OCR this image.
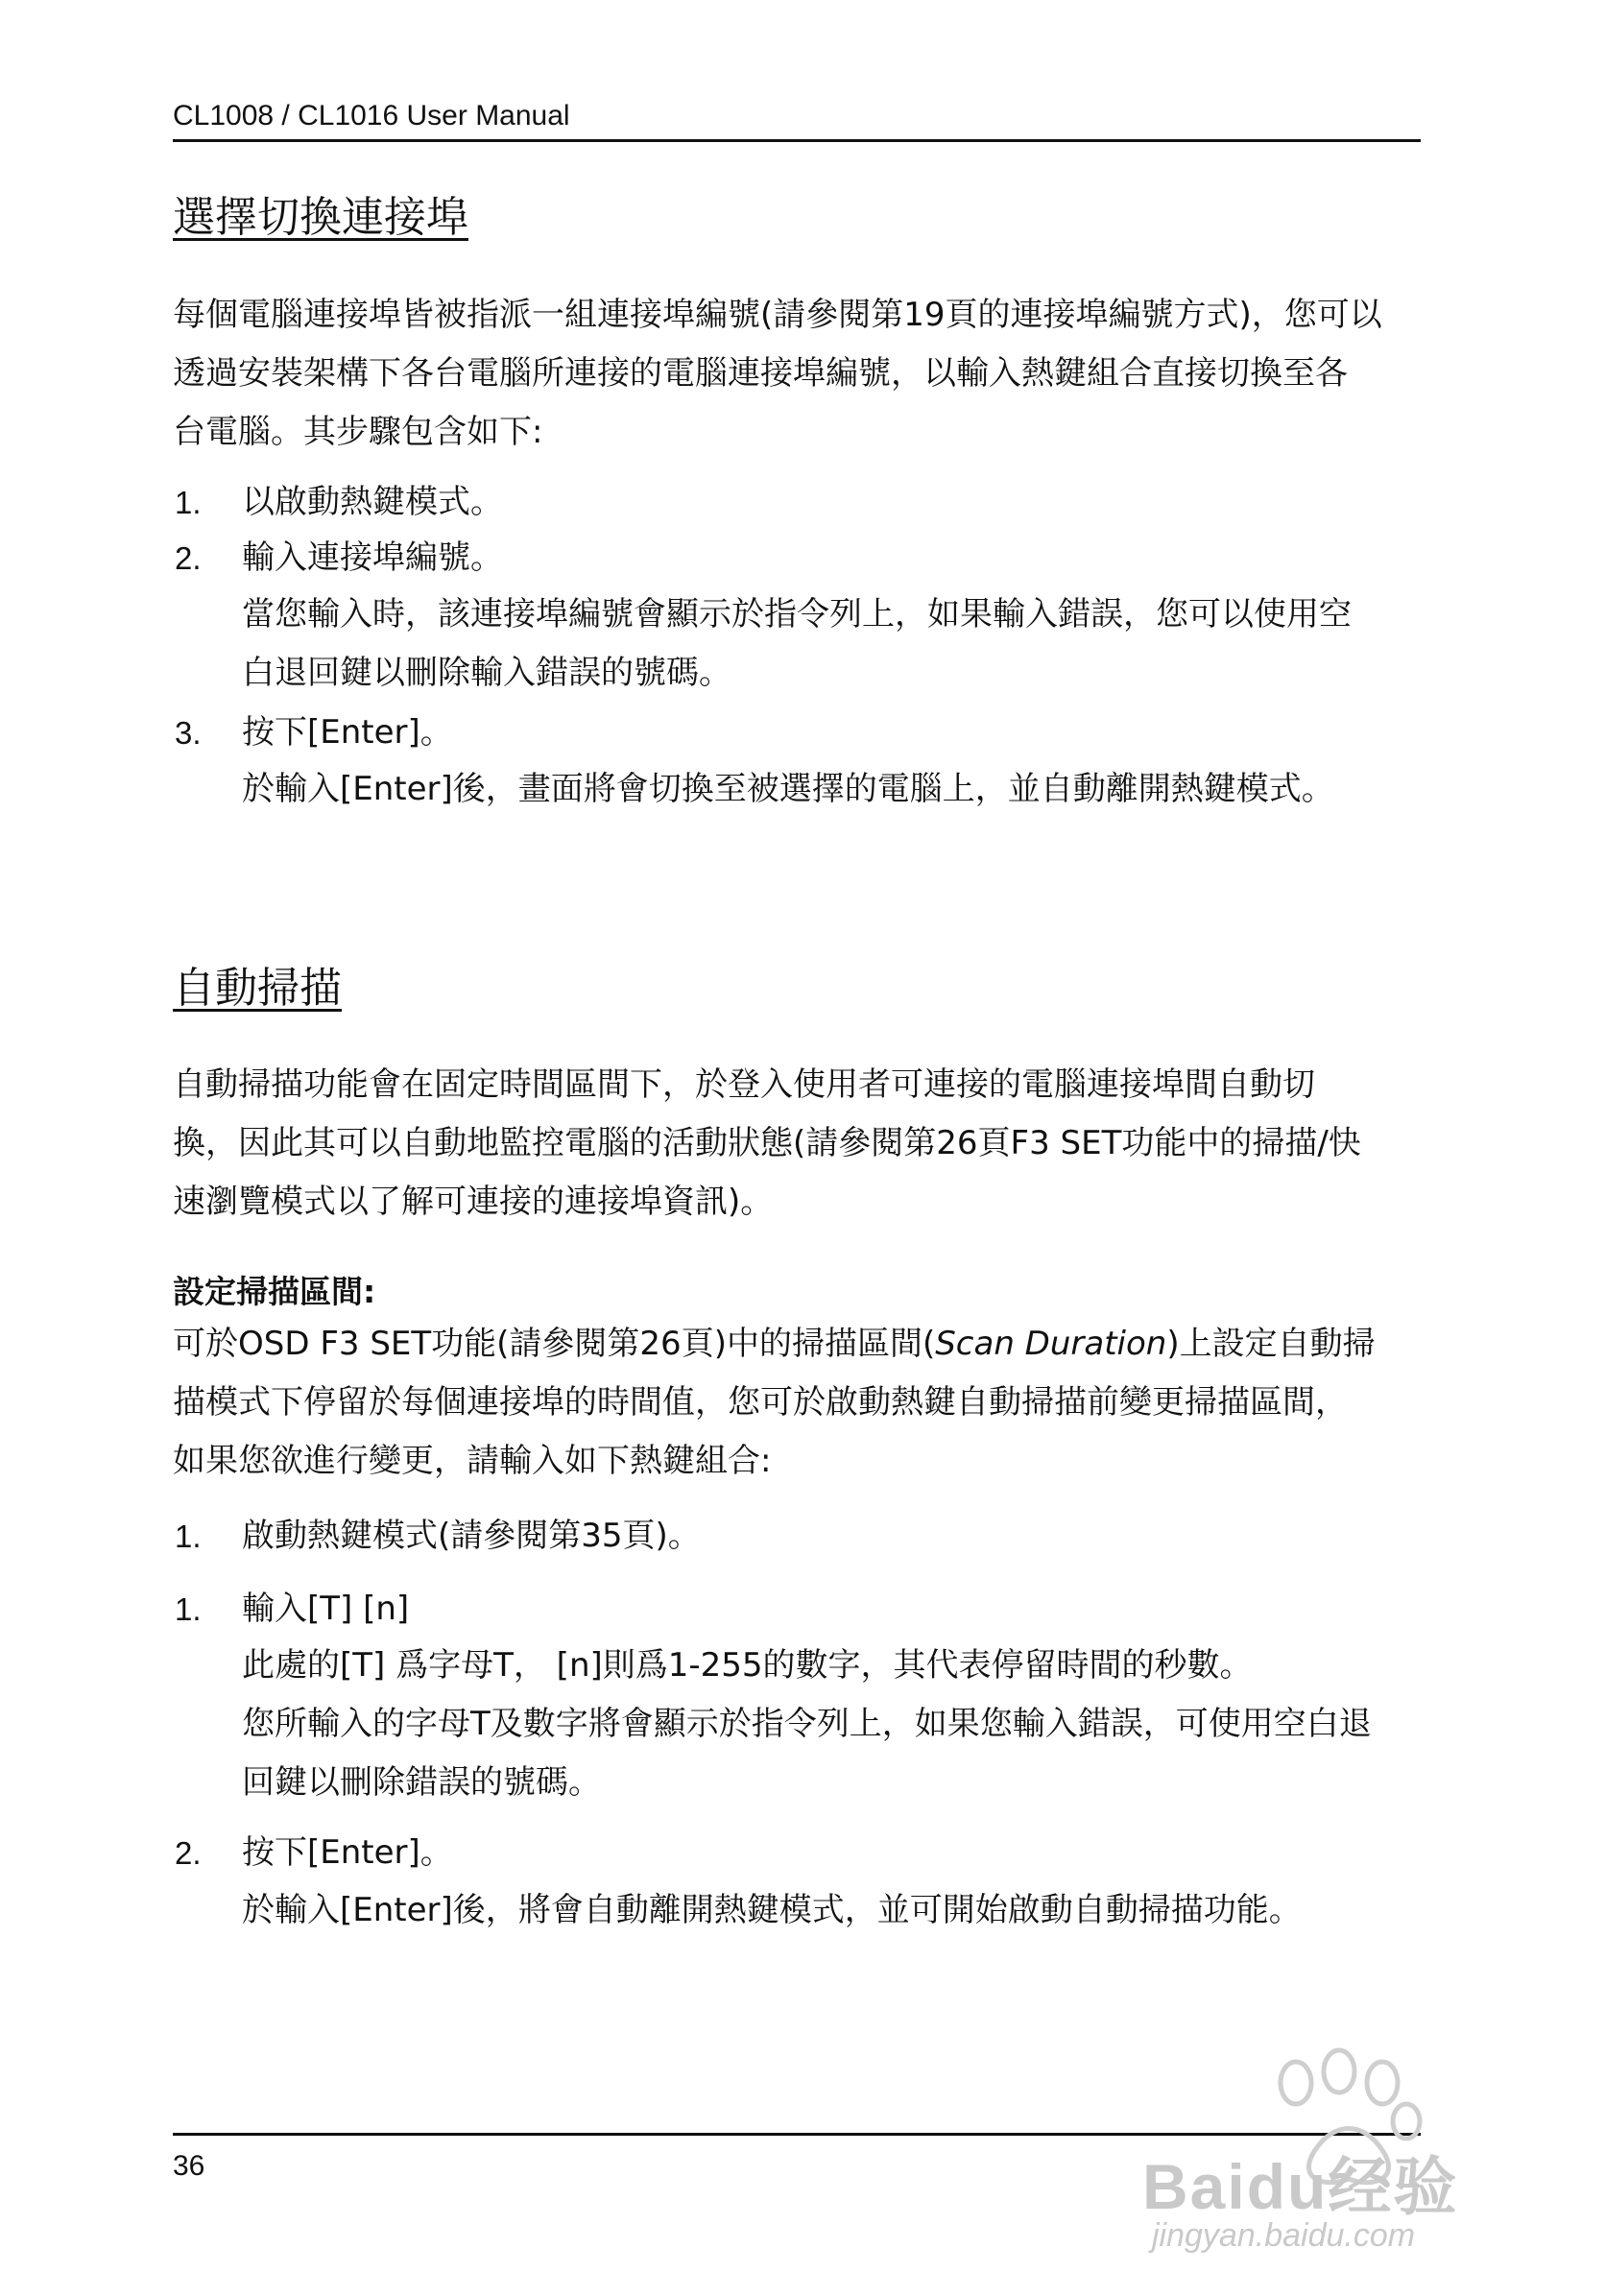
CL1008 / CL1016 User Manual
選擇切換連接埠
每個電腦連接埠皆被指派一組連接埠編號(請參閱第19頁的連接埠編號方式)，您可以
透過安裝架構下各台電腦所連接的電腦連接埠編號，以輸入熱鍵組合直接切換至各
台電腦。其步驟包含如下:
1. 以啟動熱鍵模式。
2. 輸入連接埠編號。
當您輸入時，該連接埠編號會顯示於指令列上，如果輸入錯誤，您可以使用空
白退回鍵以刪除輸入錯誤的號碼。
3. 按下[Enter]。
於輸入[Enter]後，畫面將會切換至被選擇的電腦上，並自動離開熱鍵模式。
自動掃描
自動掃描功能會在固定時間區間下，於登入使用者可連接的電腦連接埠間自動切
換，因此其可以自動地監控電腦的活動狀態(請參閱第26頁F3 SET功能中的掃描/快
速瀏覽模式以了解可連接的連接埠資訊)。
設定掃描區間:
可於OSD F3 SET功能(請參閱第26頁)中的掃描區間(Scan Duration)上設定自動掃
描模式下停留於每個連接埠的時間值，您可於啟動熱鍵自動掃描前變更掃描區間，
如果您欲進行變更，請輸入如下熱鍵組合:
1. 啟動熱鍵模式(請參閱第35頁)。
1. 輸入[T] [n]
此處的[T] 爲字母T， [n]則爲1-255的數字，其代表停留時間的秒數。
您所輸入的字母T及數字將會顯示於指令列上，如果您輸入錯誤，可使用空白退
回鍵以刪除錯誤的號碼。
2. 按下[Enter]。
於輸入[Enter]後，將會自動離開熱鍵模式，並可開始啟動自動掃描功能。
36	Baidu经验
jingyan.baidu.com
